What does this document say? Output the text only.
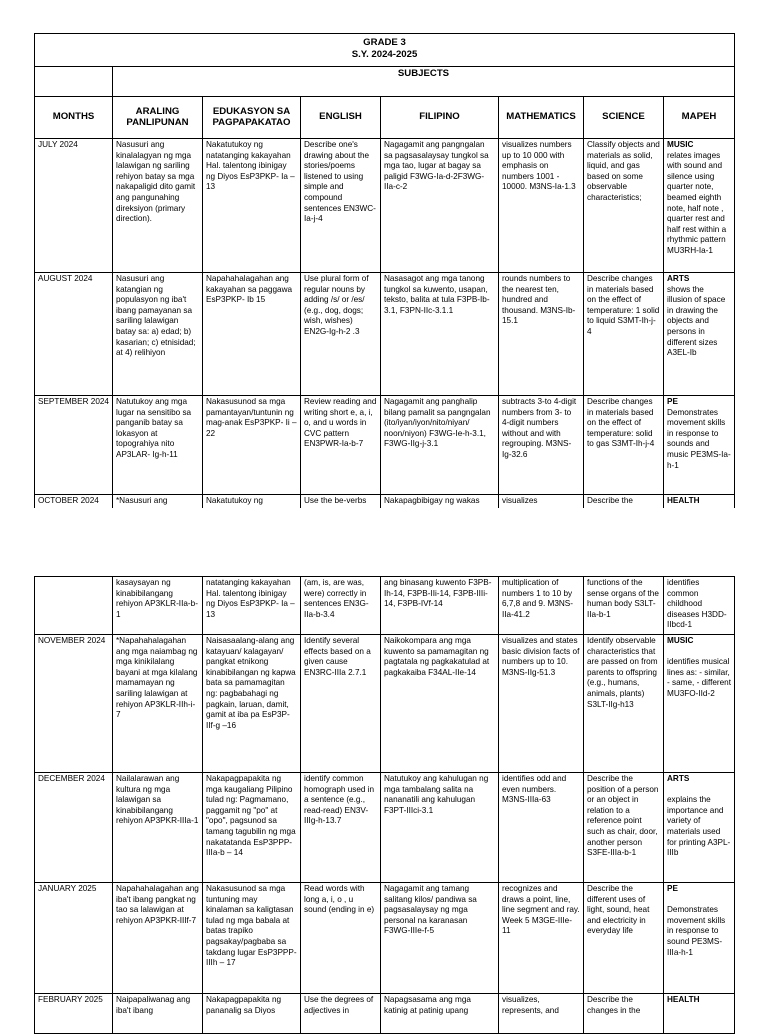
GRADE 3
S.Y. 2024-2025							

	SUBJECTS						
MONTHS	ARALING PANLIPUNAN	EDUKASYON SA PAGPAPAKATAO	ENGLISH	FILIPINO	MATHEMATICS	SCIENCE	MAPEH
JULY 2024	Nasusuri ang kinalalagyan ng mga lalawigan ng sariling rehiyon batay sa mga nakapaligid dito gamit ang pangunahing direksiyon (primary direction).	Nakatutukoy ng natatanging kakayahan Hal. talentong ibinigay ng Diyos EsP3PKP- Ia – 13	Describe one's drawing about the stories/poems listened to using simple and compound sentences EN3WC-Ia-j-4	Nagagamit ang pangngalan sa pagsasalaysay tungkol sa mga tao, lugar at bagay sa paligid F3WG-Ia-d-2F3WG-IIa-c-2	visualizes numbers up to 10 000 with emphasis on numbers 1001 - 10000. M3NS-Ia-1.3	Classify objects and materials as solid, liquid, and gas based on some observable characteristics;	MUSIC
relates images with sound and silence using quarter note, beamed eighth note, half note , quarter rest and half rest within a rhythmic pattern MU3RH-Ia-1
AUGUST 2024	Nasusuri ang katangian ng populasyon ng iba't ibang pamayanan sa sariling lalawigan batay sa: a) edad; b) kasarian; c) etnisidad; at 4) relihiyon	Napahahalagahan ang kakayahan sa paggawa EsP3PKP- Ib 15	Use plural form of regular nouns by adding /s/ or /es/ (e.g., dog, dogs; wish, wishes) EN2G-Ig-h-2 .3	Nasasagot ang mga tanong tungkol sa kuwento, usapan, teksto, balita at tula F3PB-Ib-3.1, F3PN-IIc-3.1.1	rounds numbers to the nearest ten, hundred and thousand. M3NS-Ib-15.1	Describe changes in materials based on the effect of temperature: 1 solid to liquid S3MT-Ih-j-4	ARTS
shows the illusion of space in drawing the objects and persons in different sizes A3EL-Ib
SEPTEMBER 2024	Natutukoy ang mga lugar na sensitibo sa panganib batay sa lokasyon at topograhiya nito AP3LAR- Ig-h-11	Nakasusunod sa mga pamantayan/tuntunin ng mag-anak EsP3PKP- Ii – 22	Review reading and writing short e, a, i, o, and u words in CVC pattern EN3PWR-Ia-b-7	Nagagamit ang panghalip bilang pamalit sa pangngalan (ito/iyan/iyon/nito/niyan/ noon/niyon) F3WG-Ie-h-3.1, F3WG-IIg-j-3.1	subtracts 3-to 4-digit numbers from 3- to 4-digit numbers without and with regrouping. M3NS-Ig-32.6	Describe changes in materials based on the effect of temperature: solid to gas S3MT-Ih-j-4	PE
Demonstrates movement skills in response to sounds and music PE3MS-Ia-h-1
OCTOBER 2024	*Nasusuri ang	Nakatutukoy ng	Use the be-verbs	Nakapagbibigay ng wakas	visualizes	Describe the	HEALTH
	kasaysayan ng kinabibilangang rehiyon AP3KLR-IIa-b-1	natatanging kakayahan Hal. talentong ibinigay ng Diyos EsP3PKP- Ia – 13	(am, is, are was, were) correctly in sentences EN3G-IIa-b-3.4	ang binasang kuwento F3PB-Ih-14, F3PB-IIi-14, F3PB-IIIi-14, F3PB-IVf-14	multiplication of numbers 1 to 10 by 6,7,8 and 9. M3NS-IIa-41.2	functions of the sense organs of the human body S3LT-IIa-b-1	identifies common childhood diseases H3DD-IIbcd-1
NOVEMBER 2024	*Napahahalagahan ang mga naiambag ng mga kinikilalang bayani at mga kilalang mamamayan ng sariling lalawigan at rehiyon AP3KLR-IIh-i-7	Naisasaalang-alang ang katayuan/ kalagayan/ pangkat etnikong kinabibilangan ng kapwa bata sa pamamagitan ng: pagbabahagi ng pagkain, laruan, damit, gamit at iba pa EsP3P- IIf-g –16	Identify several effects based on a given cause EN3RC-IIIa 2.7.1	Naikokompara ang mga kuwento sa pamamagitan ng pagtatala ng pagkakatulad at pagkakaiba F34AL-IIe-14	visualizes and states basic division facts of numbers up to 10. M3NS-IIg-51.3	Identify observable characteristics that are passed on from parents to offspring (e.g., humans, animals, plants) S3LT-IIg-h13	MUSIC

identifies musical lines as: - similar, - same, - different MU3FO-IId-2
DECEMBER 2024	Nailalarawan ang kultura ng mga lalawigan sa kinabibilangang rehiyon AP3PKR-IIIa-1	Nakapagpapakita ng mga kaugaliang Pilipino tulad ng: Pagmamano, paggamit ng "po" at "opo", pagsunod sa tamang tagubilin ng mga nakatatanda EsP3PPP- IIIa-b – 14	identify common homograph used in a sentence (e.g., read-read) EN3V-IIIg-h-13.7	Natutukoy ang kahulugan ng mga tambalang salita na nananatili ang kahulugan F3PT-IIIci-3.1	identifies odd and even numbers. M3NS-IIIa-63	Describe the position of a person or an object in relation to a reference point such as chair, door, another person S3FE-IIIa-b-1	ARTS

explains the importance and variety of materials used for printing A3PL-IIIb
JANUARY 2025	Napahahalagahan ang iba't ibang pangkat ng tao sa lalawigan at rehiyon AP3PKR-IIIf-7	Nakasusunod sa mga tuntuning may kinalaman sa kaligtasan tulad ng mga babala at batas trapiko pagsakay/pagbaba sa takdang lugar EsP3PPP- IIIh – 17	Read words with long a, i, o , u sound (ending in e)	Nagagamit ang tamang salitang kilos/ pandiwa sa pagsasalaysay ng mga personal na karanasan F3WG-IIIe-f-5	recognizes and draws a point, line, line segment and ray. Week 5 M3GE-IIIe-11	Describe the different uses of light, sound, heat and electricity in everyday life	PE

Demonstrates movement skills in response to sound PE3MS-IIIa-h-1
FEBRUARY 2025	Naipapaliwanag ang iba't ibang	Nakapagpapakita ng pananalig sa Diyos	Use the degrees of adjectives in	Napagsasama ang mga katinig at patinig upang	visualizes, represents, and	Describe the changes in the	HEALTH
